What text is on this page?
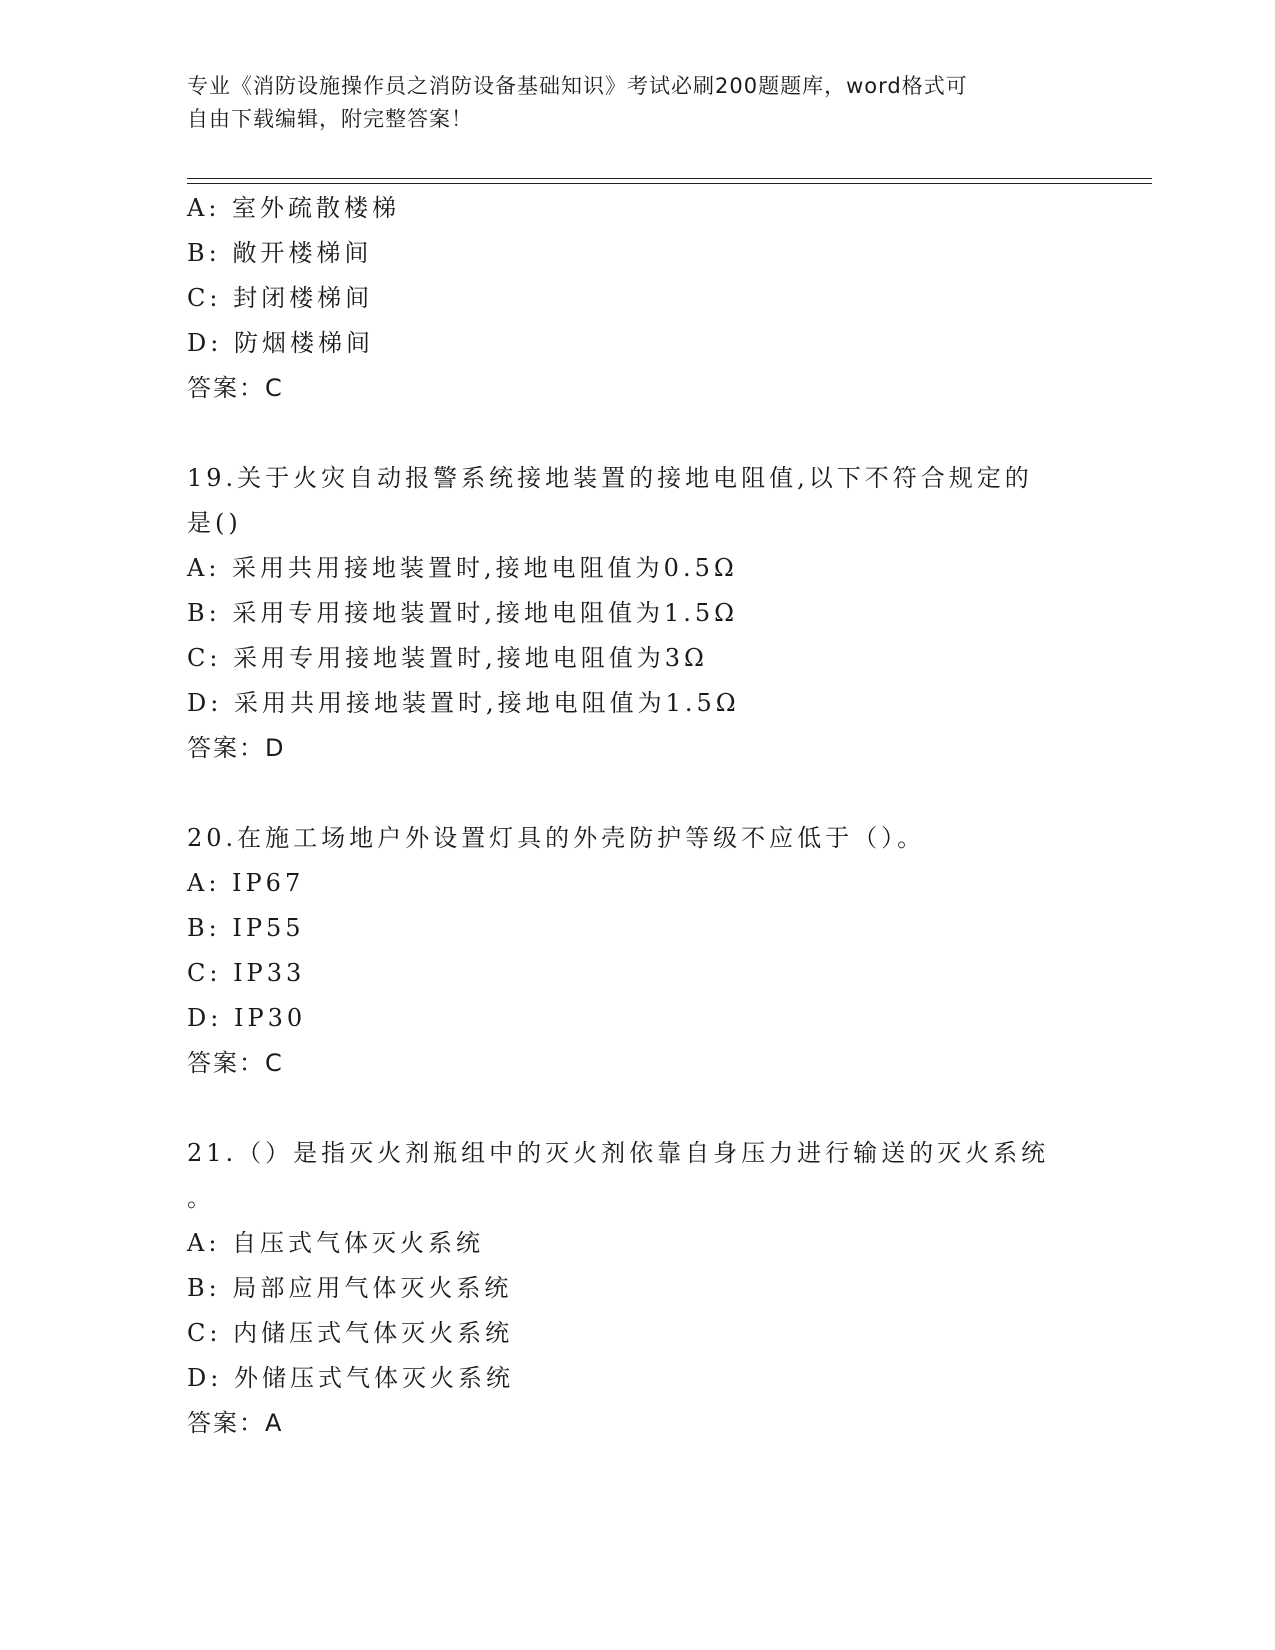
专业《消防设施操作员之消防设备基础知识》考试必刷200题题库，word格式可
自由下载编辑，附完整答案！
A: 室外疏散楼梯
B: 敞开楼梯间
C: 封闭楼梯间
D: 防烟楼梯间
答案：C
19.关于火灾自动报警系统接地装置的接地电阻值,以下不符合规定的
是()
A: 采用共用接地装置时,接地电阻值为0.5Ω
B: 采用专用接地装置时,接地电阻值为1.5Ω
C: 采用专用接地装置时,接地电阻值为3Ω
D: 采用共用接地装置时,接地电阻值为1.5Ω
答案：D
20.在施工场地户外设置灯具的外壳防护等级不应低于（）。
A: IP67
B: IP55
C: IP33
D: IP30
答案：C
21.（）是指灭火剂瓶组中的灭火剂依靠自身压力进行输送的灭火系统
。
A: 自压式气体灭火系统
B: 局部应用气体灭火系统
C: 内储压式气体灭火系统
D: 外储压式气体灭火系统
答案：A
